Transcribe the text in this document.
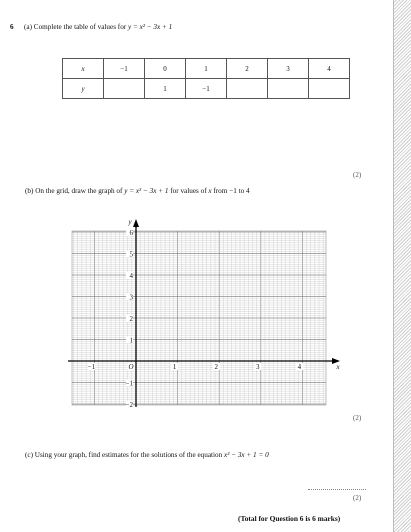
6 (a) Complete the table of values for y = x² − 3x + 1
x	−1	0	1	2	3	4
y		1	−1			
(2)
(b) On the grid, draw the graph of y = x² − 3x + 1 for values of x from −1 to 4
6
5
4
3
2
1
−1
−2
−1	1	2	3	4
O
y
x
(2)
(c) Using your graph, find estimates for the solutions of the equation x² − 3x + 1 = 0
(2)
(Total for Question 6 is 6 marks)
